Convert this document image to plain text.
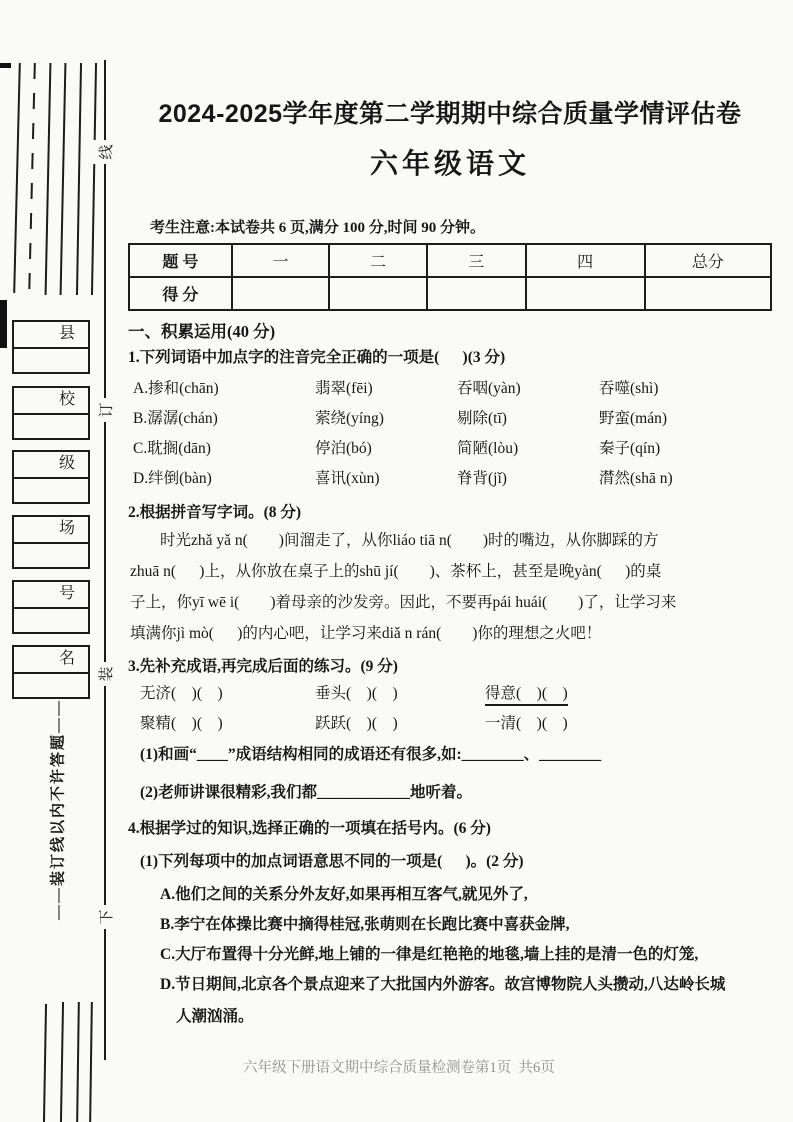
线
订
装
下
县
校
级
场
号
名
——装订线以内不许答题——
2024-2025学年度第二学期期中综合质量学情评估卷
六年级语文
考生注意:本试卷共 6 页,满分 100 分,时间 90 分钟。
题 号	一	二	三	四	总分
得 分					
一、积累运用(40 分)
1.下列词语中加点字的注音完全正确的一项是(      )(3 分)
A.掺和(chān)	翡翠(fēi)	吞咽(yàn)	吞噬(shì)
B.潺潺(chán)	萦绕(yíng)	剔除(tī)	野蛮(mán)
C.耽搁(dān)	停泊(bó)	简陋(lòu)	秦子(qín)
D.绊倒(bàn)	喜讯(xùn)	脊背(jǐ)	潸然(shā n)
2.根据拼音写字词。(8 分)
时光zhǎ yǎ n(        )间溜走了，从你liáo tiā n(        )时的嘴边，从你脚踩的方
zhuā n(      )上，从你放在桌子上的shū jí(        )、茶杯上，甚至是晚yàn(      )的桌
子上，你yī wē i(        )着母亲的沙发旁。因此，不要再pái huái(        )了，让学习来
填满你jì mò(      )的内心吧，让学习来diǎ n rán(        )你的理想之火吧！
3.先补充成语,再完成后面的练习。(9 分)
无济(    )(    )	垂头(    )(    )	得意(    )(    )
聚精(    )(    )	跃跃(    )(    )	一清(    )(    )
(1)和画“____”成语结构相同的成语还有很多,如:________、________
(2)老师讲课很精彩,我们都____________地听着。
4.根据学过的知识,选择正确的一项填在括号内。(6 分)
(1)下列每项中的加点词语意思不同的一项是(      )。(2 分)
A.他们之间的关系分外友好,如果再相互客气,就见外了,
B.李宁在体操比赛中摘得桂冠,张萌则在长跑比赛中喜获金牌,
C.大厅布置得十分光鲜,地上铺的一律是红艳艳的地毯,墙上挂的是清一色的灯笼,
D.节日期间,北京各个景点迎来了大批国内外游客。故宫博物院人头攒动,八达岭长城
人潮汹涌。
六年级下册语文期中综合质量检测卷第1页  共6页
